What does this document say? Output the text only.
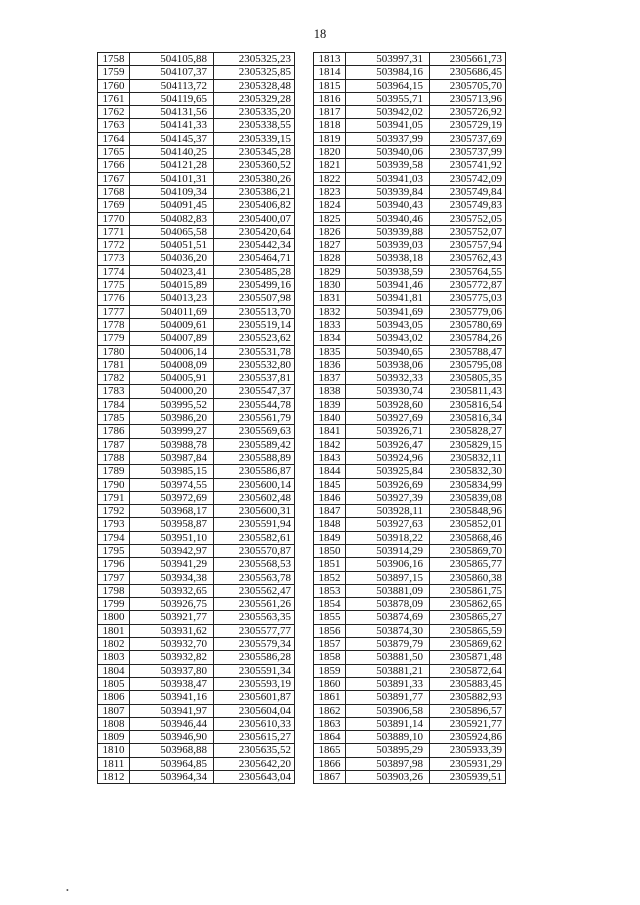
18
1758	504105,88	2305325,23
1759	504107,37	2305325,85
1760	504113,72	2305328,48
1761	504119,65	2305329,28
1762	504131,56	2305335,20
1763	504141,33	2305338,55
1764	504145,37	2305339,15
1765	504140,25	2305345,28
1766	504121,28	2305360,52
1767	504101,31	2305380,26
1768	504109,34	2305386,21
1769	504091,45	2305406,82
1770	504082,83	2305400,07
1771	504065,58	2305420,64
1772	504051,51	2305442,34
1773	504036,20	2305464,71
1774	504023,41	2305485,28
1775	504015,89	2305499,16
1776	504013,23	2305507,98
1777	504011,69	2305513,70
1778	504009,61	2305519,14
1779	504007,89	2305523,62
1780	504006,14	2305531,78
1781	504008,09	2305532,80
1782	504005,91	2305537,81
1783	504000,20	2305547,37
1784	503995,52	2305544,78
1785	503986,20	2305561,79
1786	503999,27	2305569,63
1787	503988,78	2305589,42
1788	503987,84	2305588,89
1789	503985,15	2305586,87
1790	503974,55	2305600,14
1791	503972,69	2305602,48
1792	503968,17	2305600,31
1793	503958,87	2305591,94
1794	503951,10	2305582,61
1795	503942,97	2305570,87
1796	503941,29	2305568,53
1797	503934,38	2305563,78
1798	503932,65	2305562,47
1799	503926,75	2305561,26
1800	503921,77	2305563,35
1801	503931,62	2305577,77
1802	503932,70	2305579,34
1803	503932,82	2305586,28
1804	503937,80	2305591,34
1805	503938,47	2305593,19
1806	503941,16	2305601,87
1807	503941,97	2305604,04
1808	503946,44	2305610,33
1809	503946,90	2305615,27
1810	503968,88	2305635,52
1811	503964,85	2305642,20
1812	503964,34	2305643,04
1813	503997,31	2305661,73
1814	503984,16	2305686,45
1815	503964,15	2305705,70
1816	503955,71	2305713,96
1817	503942,02	2305726,92
1818	503941,05	2305729,19
1819	503937,99	2305737,69
1820	503940,06	2305737,99
1821	503939,58	2305741,92
1822	503941,03	2305742,09
1823	503939,84	2305749,84
1824	503940,43	2305749,83
1825	503940,46	2305752,05
1826	503939,88	2305752,07
1827	503939,03	2305757,94
1828	503938,18	2305762,43
1829	503938,59	2305764,55
1830	503941,46	2305772,87
1831	503941,81	2305775,03
1832	503941,69	2305779,06
1833	503943,05	2305780,69
1834	503943,02	2305784,26
1835	503940,65	2305788,47
1836	503938,06	2305795,08
1837	503932,33	2305805,35
1838	503930,74	2305811,43
1839	503928,60	2305816,54
1840	503927,69	2305816,34
1841	503926,71	2305828,27
1842	503926,47	2305829,15
1843	503924,96	2305832,11
1844	503925,84	2305832,30
1845	503926,69	2305834,99
1846	503927,39	2305839,08
1847	503928,11	2305848,96
1848	503927,63	2305852,01
1849	503918,22	2305868,46
1850	503914,29	2305869,70
1851	503906,16	2305865,77
1852	503897,15	2305860,38
1853	503881,09	2305861,75
1854	503878,09	2305862,65
1855	503874,69	2305865,27
1856	503874,30	2305865,59
1857	503879,79	2305869,62
1858	503881,50	2305871,48
1859	503881,21	2305872,64
1860	503891,33	2305883,45
1861	503891,77	2305882,93
1862	503906,58	2305896,57
1863	503891,14	2305921,77
1864	503889,10	2305924,86
1865	503895,29	2305933,39
1866	503897,98	2305931,29
1867	503903,26	2305939,51
•
